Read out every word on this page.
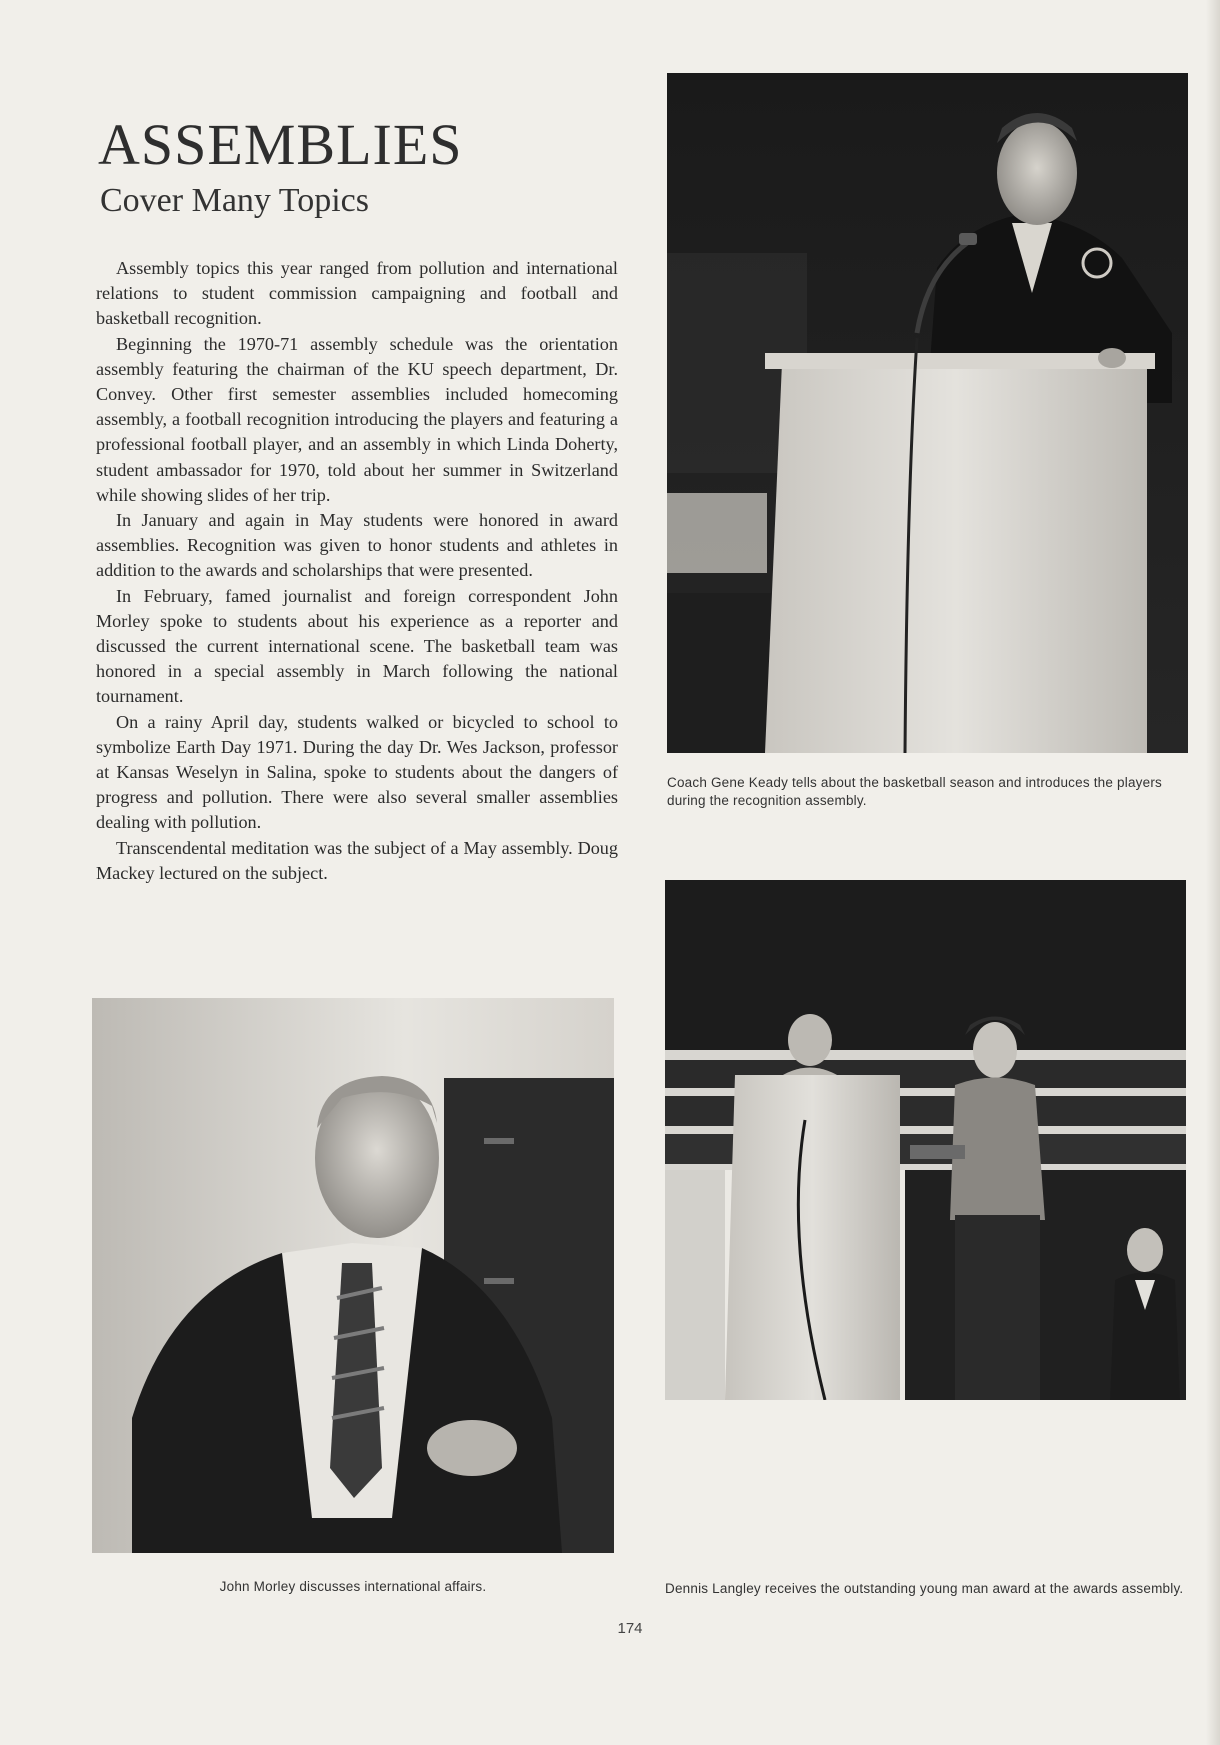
ASSEMBLIES
Cover Many Topics

Assembly topics this year ranged from pollution and international relations to student commission campaigning and football and basketball recognition.

Beginning the 1970-71 assembly schedule was the orientation assembly featuring the chairman of the KU speech department, Dr. Convey. Other first semester assemblies included homecoming assembly, a football recognition introducing the players and featuring a professional football player, and an assembly in which Linda Doherty, student ambassador for 1970, told about her summer in Switzerland while showing slides of her trip.

In January and again in May students were honored in award assemblies. Recognition was given to honor students and athletes in addition to the awards and scholarships that were presented.

In February, famed journalist and foreign correspondent John Morley spoke to students about his experience as a reporter and discussed the current international scene. The basketball team was honored in a special assembly in March following the national tournament.

On a rainy April day, students walked or bicycled to school to symbolize Earth Day 1971. During the day Dr. Wes Jackson, professor at Kansas Weselyn in Salina, spoke to students about the dangers of progress and pollution. There were also several smaller assemblies dealing with pollution.

Transcendental meditation was the subject of a May assembly. Doug Mackey lectured on the subject.

Coach Gene Keady tells about the basketball season and introduces the players during the recognition assembly.

John Morley discusses international affairs.	Dennis Langley receives the outstanding young man award at the awards assembly.

174
